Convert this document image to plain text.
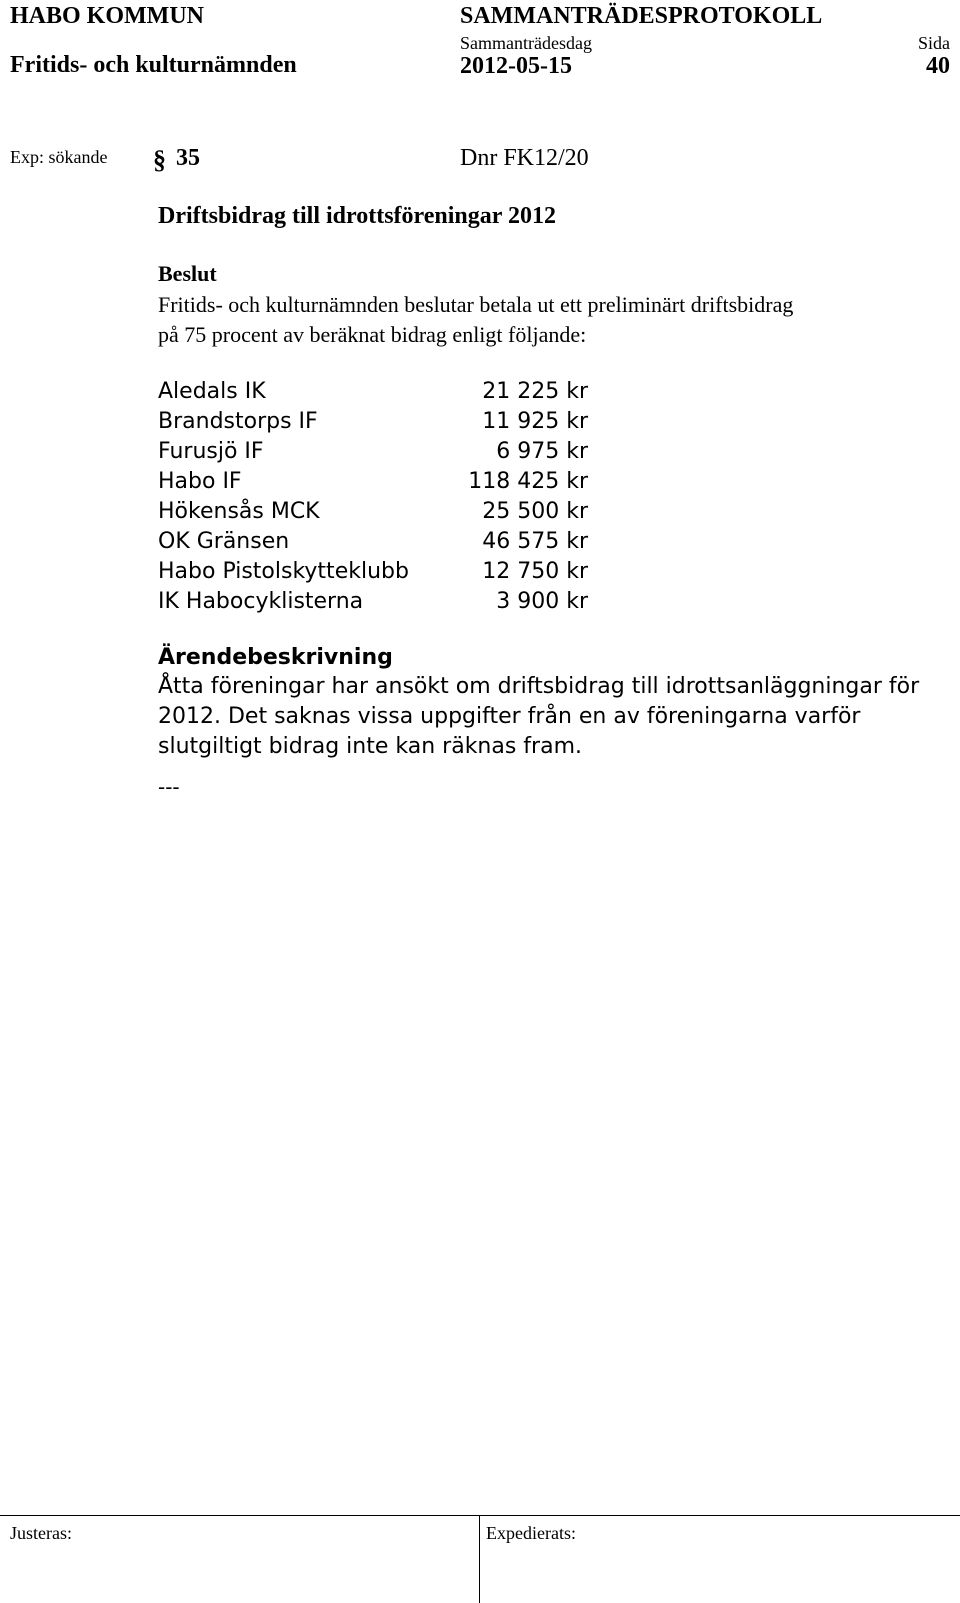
HABO KOMMUN
Fritids- och kulturnämnden
SAMMANTRÄDESPROTOKOLL
Sammanträdesdag
2012-05-15
Sida
40
Exp: sökande § 35	Dnr FK12/20
Driftsbidrag till idrottsföreningar 2012
Beslut
Fritids- och kulturnämnden beslutar betala ut ett preliminärt driftsbidrag
på 75 procent av beräknat bidrag enligt följande:
Aledals IK	21 225 kr
Brandstorps IF	11 925 kr
Furusjö IF	6 975 kr
Habo IF	118 425 kr
Hökensås MCK	25 500 kr
OK Gränsen	46 575 kr
Habo Pistolskytteklubb	12 750 kr
IK Habocyklisterna	3 900 kr
Ärendebeskrivning
Åtta föreningar har ansökt om driftsbidrag till idrottsanläggningar för
2012. Det saknas vissa uppgifter från en av föreningarna varför
slutgiltigt bidrag inte kan räknas fram.
---
Justeras:	Expedierats:
